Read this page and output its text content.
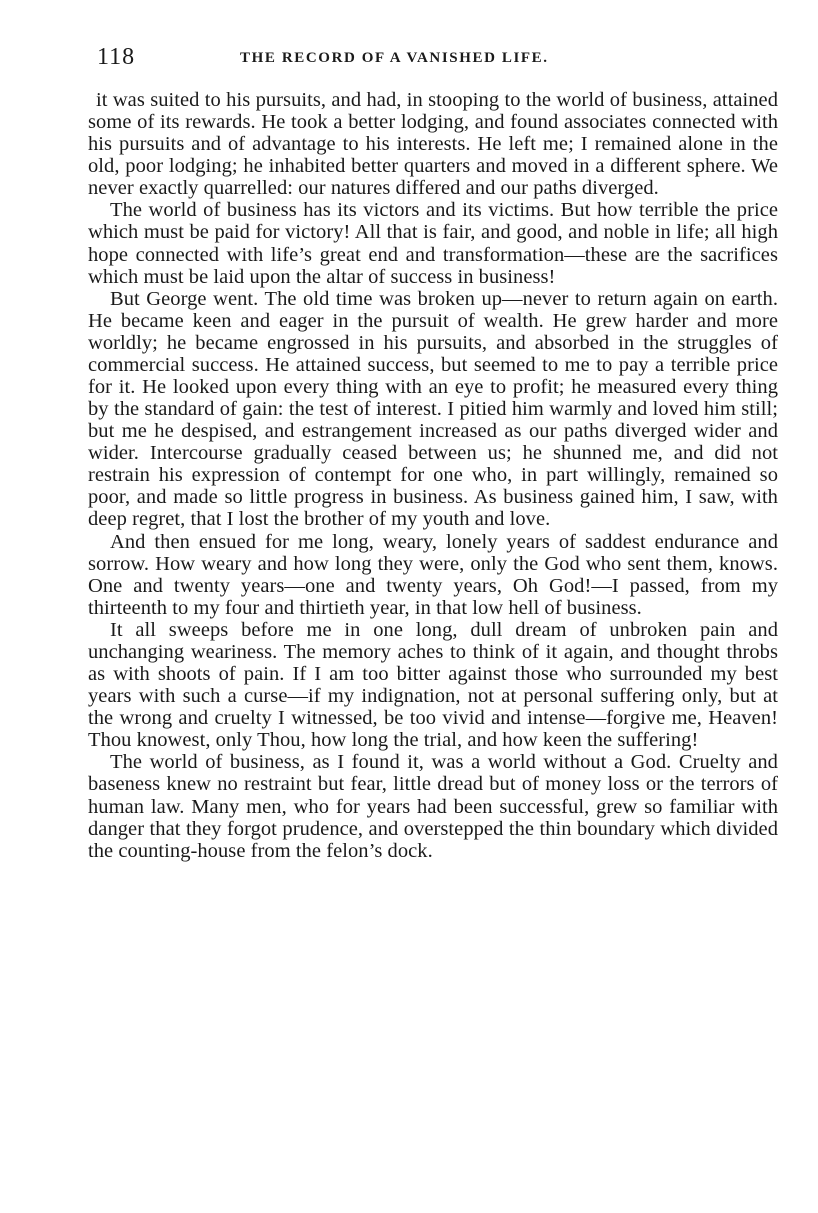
118	THE RECORD OF A VANISHED LIFE.

it was suited to his pursuits, and had, in stooping to the world of business, attained some of its rewards. He took a better lodging, and found associates connected with his pursuits and of advantage to his interests. He left me; I remained alone in the old, poor lodging; he inhabited better quarters and moved in a different sphere. We never exactly quarrelled: our natures differed and our paths diverged.

The world of business has its victors and its victims. But how terrible the price which must be paid for victory! All that is fair, and good, and noble in life; all high hope connected with life’s great end and transformation—these are the sacrifices which must be laid upon the altar of success in business!

But George went. The old time was broken up—never to return again on earth. He became keen and eager in the pursuit of wealth. He grew harder and more worldly; he became engrossed in his pursuits, and absorbed in the struggles of commercial success. He attained success, but seemed to me to pay a terrible price for it. He looked upon every thing with an eye to profit; he measured every thing by the standard of gain: the test of interest. I pitied him warmly and loved him still; but me he despised, and estrangement increased as our paths diverged wider and wider. Intercourse gradually ceased between us; he shunned me, and did not restrain his expression of contempt for one who, in part willingly, remained so poor, and made so little progress in business. As business gained him, I saw, with deep regret, that I lost the brother of my youth and love.

And then ensued for me long, weary, lonely years of saddest endurance and sorrow. How weary and how long they were, only the God who sent them, knows. One and twenty years—one and twenty years, Oh God!—I passed, from my thirteenth to my four and thirtieth year, in that low hell of business.

It all sweeps before me in one long, dull dream of unbroken pain and unchanging weariness. The memory aches to think of it again, and thought throbs as with shoots of pain. If I am too bitter against those who surrounded my best years with such a curse—if my indignation, not at personal suffering only, but at the wrong and cruelty I witnessed, be too vivid and intense—forgive me, Heaven! Thou knowest, only Thou, how long the trial, and how keen the suffering!

The world of business, as I found it, was a world without a God. Cruelty and baseness knew no restraint but fear, little dread but of money loss or the terrors of human law. Many men, who for years had been successful, grew so familiar with danger that they forgot prudence, and overstepped the thin boundary which divided the counting-house from the felon’s dock.
